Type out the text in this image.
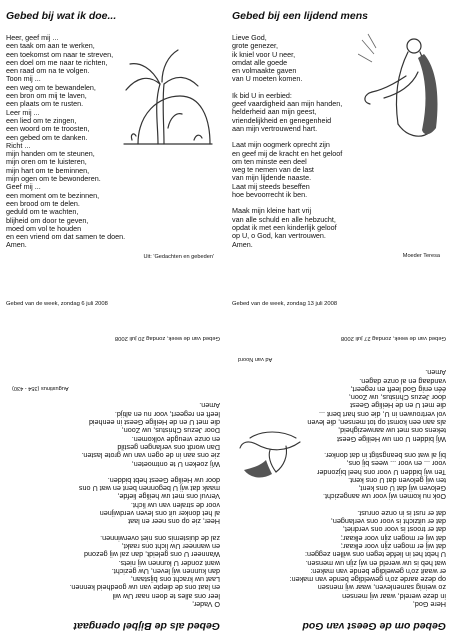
Gebed bij wat ik doe...
Heer, geef mij ...
een taak om aan te werken,
een toekomst om naar te streven,
een doel om me naar te richten,
een raad om na te volgen.
Toon mij ...
een weg om te bewandelen,
een bron om mij te laven,
een plaats om te rusten.
Leer mij ...
een lied om te zingen,
een woord om te troosten,
een gebed om te danken.
Richt ...
mijn handen om te steunen,
mijn oren om te luisteren,
mijn hart om te beminnen,
mijn ogen om te bewonderen.
Geef mij ...
een moment om te bezinnen,
een brood om te delen.
geduld om te wachten,
blijheid om door te geven,
moed om vol te houden
en een vriend om dat samen te doen.
Amen.
Uit: 'Gedachten en gebeden'
Gebed van de week, zondag 6 juli 2008
Gebed bij een lijdend mens
Lieve God,
grote genezer,
ik kniel voor U neer,
omdat alle goede
en volmaakte gaven
van U moeten komen.
Ik bid U in eerbied:
geef vaardigheid aan mijn handen,
helderheid aan mijn geest,
vriendelijkheid en genegenheid
aan mijn vertrouwend hart.
Laat mijn oogmerk oprecht zijn
en geef mij de kracht en het geloof
om ten minste een deel
weg te nemen van de last
van mijn lijdende naaste.
Laat mij steeds beseffen
hoe bevoorrecht ik ben.
Maak mijn kleine hart vrij
van alle schuld en alle hebzucht,
opdat ik met een kinderlijk geloof
op U, o God, kan vertrouwen.
Amen.
Moeder Teresa
Gebed van de week, zondag 13 juli 2008
Gebed als de Bijbel opengaat
O Vader,
leer ons alles te doen naar Uw wil
en laat ons de diepte van uw goedheid kennen.
Laat uw kracht ons bijstaan,
dan kunnen wij leven, Uw gezicht.
want zonder U kunnen wij niets.
Wanneer U ons geleidt, dan zal wij gezond
en wanneer Uw licht ons raakt,
zal de duisternis ons niet overwinnen.
Heer, zie op ons neer en laat
al het donker uit ons leven verdwijnen
voor de stralen van uw licht.
Vervul ons met uw heilige liefde,
maak dat wij U begonnen bent en wat U ons
door uw Heilige Geest hebt bidden.
Wij zoeken U te ontmoeten,
zie ons aan in de ogen van uw grote lasten.
Dan wordt ons verlangen gestild
en onze vreugde volkomen.
Door Jezus Christus, uw Zoon,
die met U en de Heilige Geest in eenheid
leeft en regeert, voor nu en altijd.
Amen.
Augustinus (354 - 430)
Gebed van de week, zondag 20 juli 2008
Gebed om de Geest van God
Here God,
in deze wereld, waar wij mensen
zo weinig samenleven, waar wij mensen
op deze aarde zo'n geweldige bende van maken:
er waait zo'n geweldige bende van maken:
wat heb is uw wereld en wij zijn uw mensen.
U hebt het in liefde tegen ons willen zeggen:
dat wij er mogen zijn voor elkaar;
dat wij er mogen zijn voor elkaar;
dat er troost is voor ons verdriet,
dat er uitzicht is voor ons verlangen,
dat er rust is in onze onrust.
Ook nu komen wij voor uw aangezicht.
Geloven wij dat U ons kent,
ten wij geloven dat U ons kent.
Ten wij bidden U voor ons heel bijzonder
voor ... en voor ... wees bij ons,
bij al wat ons beangstigt in dat donker.
Wij bidden U om uw Heilige Geest
tekens ons met uw aanwezigheid,
als aan een komst op tot mensen, die leven
vol vertrouwen in U, die ons hart bent ...
die met U en de Heilige Geest
door Jezus Christus, uw Zoon,
één enig God leeft en regeert,
vandaag en al onze dagen.
Amen.
Ad van Noord
Gebed van de week, zondag 27 juli 2008
